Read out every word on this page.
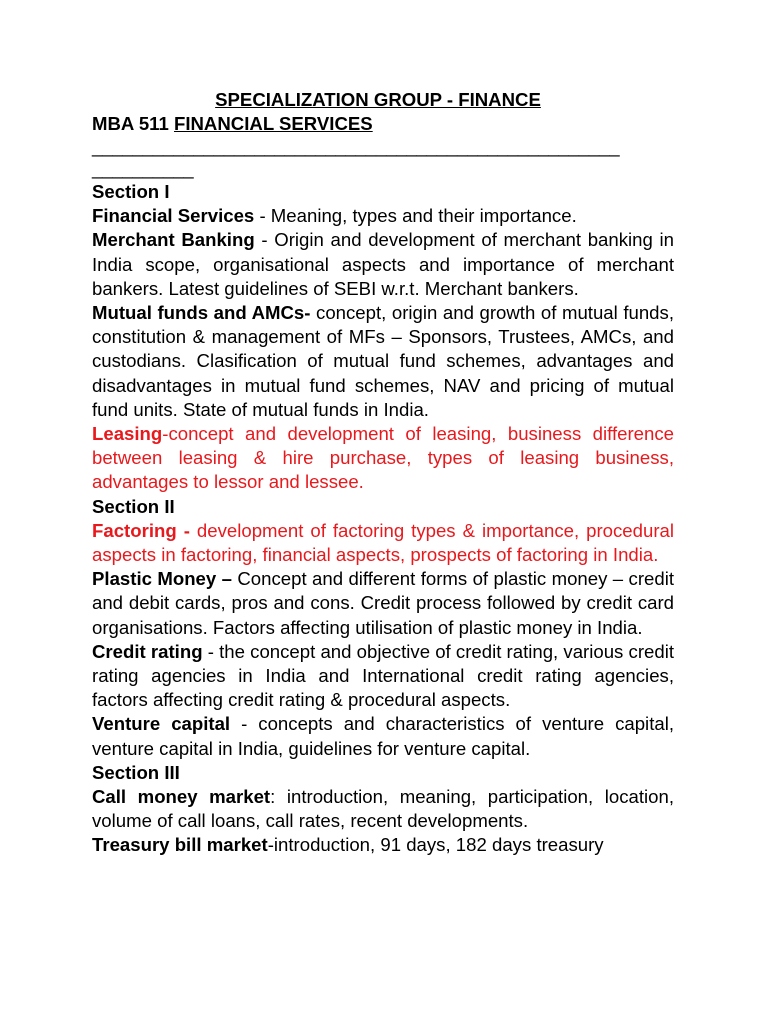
SPECIALIZATION GROUP - FINANCE
MBA 511 FINANCIAL SERVICES
____________________________________________________
__________

Section I

Financial Services - Meaning, types and their importance.

Merchant Banking - Origin and development of merchant banking in India scope, organisational aspects and importance of merchant bankers. Latest guidelines of SEBI w.r.t. Merchant bankers.

Mutual funds and AMCs- concept, origin and growth of mutual funds, constitution & management of MFs – Sponsors, Trustees, AMCs, and custodians. Clasification of mutual fund schemes, advantages and disadvantages in mutual fund schemes, NAV and pricing of mutual fund units. State of mutual funds in India.

Leasing-concept and development of leasing, business difference between leasing & hire purchase, types of leasing business, advantages to lessor and lessee.

Section II

Factoring - development of factoring types & importance, procedural aspects in factoring, financial aspects, prospects of factoring in India.

Plastic Money – Concept and different forms of plastic money – credit and debit cards, pros and cons. Credit process followed by credit card organisations. Factors affecting utilisation of plastic money in India.

Credit rating - the concept and objective of credit rating, various credit rating agencies in India and International credit rating agencies, factors affecting credit rating & procedural aspects.

Venture capital - concepts and characteristics of venture capital, venture capital in India, guidelines for venture capital.

Section III

Call money market: introduction, meaning, participation, location, volume of call loans, call rates, recent developments.

Treasury bill market-introduction, 91 days, 182 days treasury
